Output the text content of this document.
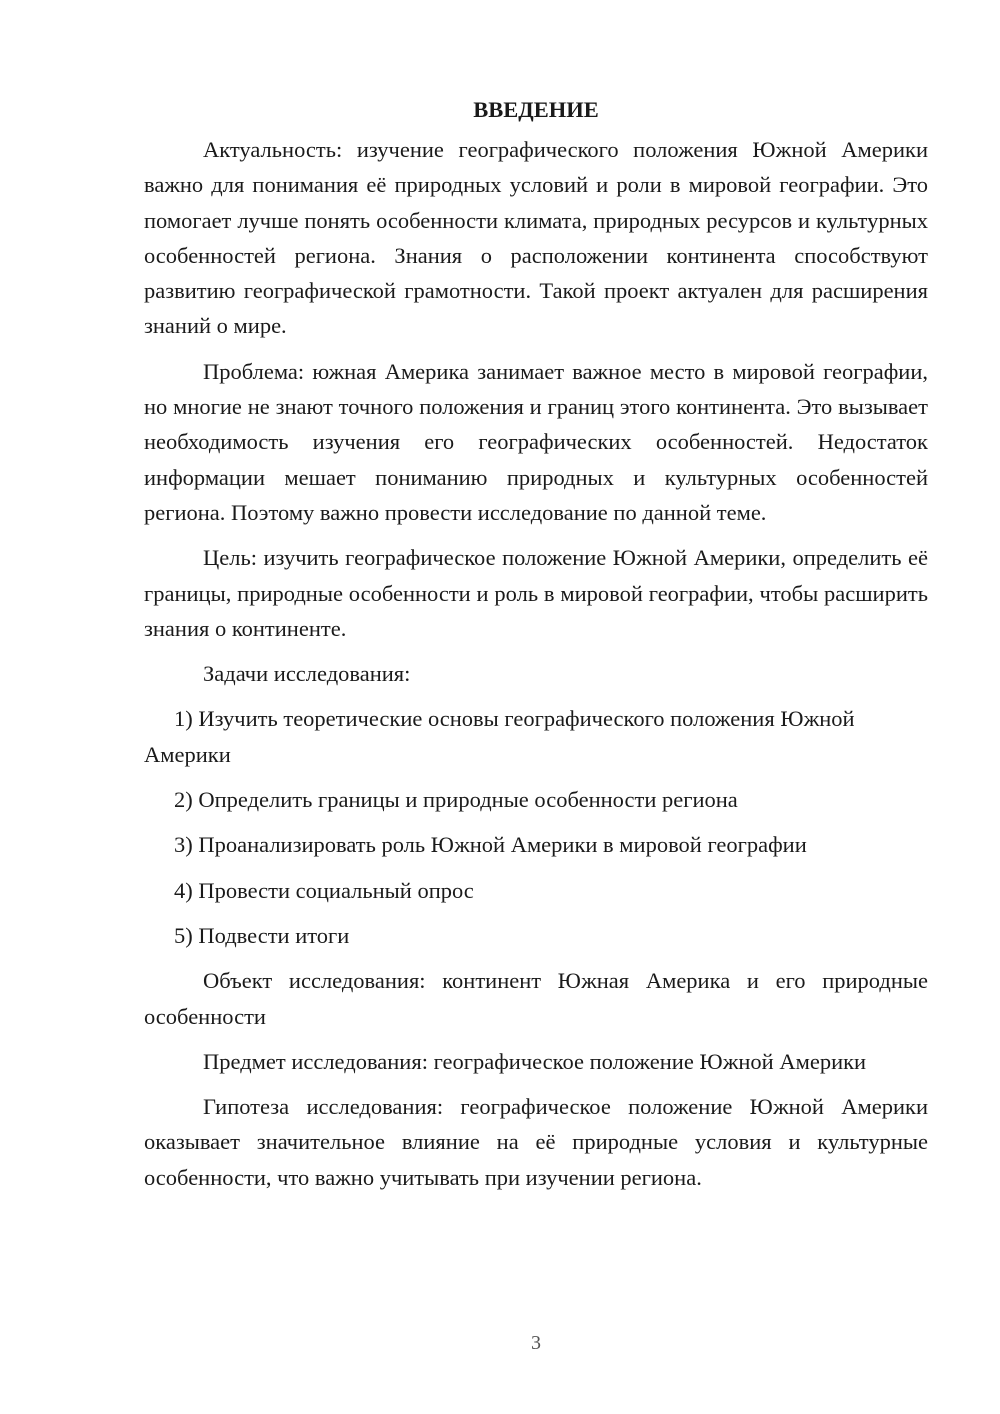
ВВЕДЕНИЕ

Актуальность: изучение географического положения Южной Америки важно для понимания её природных условий и роли в мировой географии. Это помогает лучше понять особенности климата, природных ресурсов и культурных особенностей региона. Знания о расположении континента способствуют развитию географической грамотности. Такой проект актуален для расширения знаний о мире.

Проблема: южная Америка занимает важное место в мировой географии, но многие не знают точного положения и границ этого континента. Это вызывает необходимость изучения его географических особенностей. Недостаток информации мешает пониманию природных и культурных особенностей региона. Поэтому важно провести исследование по данной теме.

Цель: изучить географическое положение Южной Америки, определить её границы, природные особенности и роль в мировой географии, чтобы расширить знания о континенте.

Задачи исследования:

1) Изучить теоретические основы географического положения Южной Америки

2) Определить границы и природные особенности региона

3) Проанализировать роль Южной Америки в мировой географии

4) Провести социальный опрос

5) Подвести итоги

Объект исследования: континент Южная Америка и его природные особенности

Предмет исследования: географическое положение Южной Америки

Гипотеза исследования: географическое положение Южной Америки оказывает значительное влияние на её природные условия и культурные особенности, что важно учитывать при изучении региона.

3
